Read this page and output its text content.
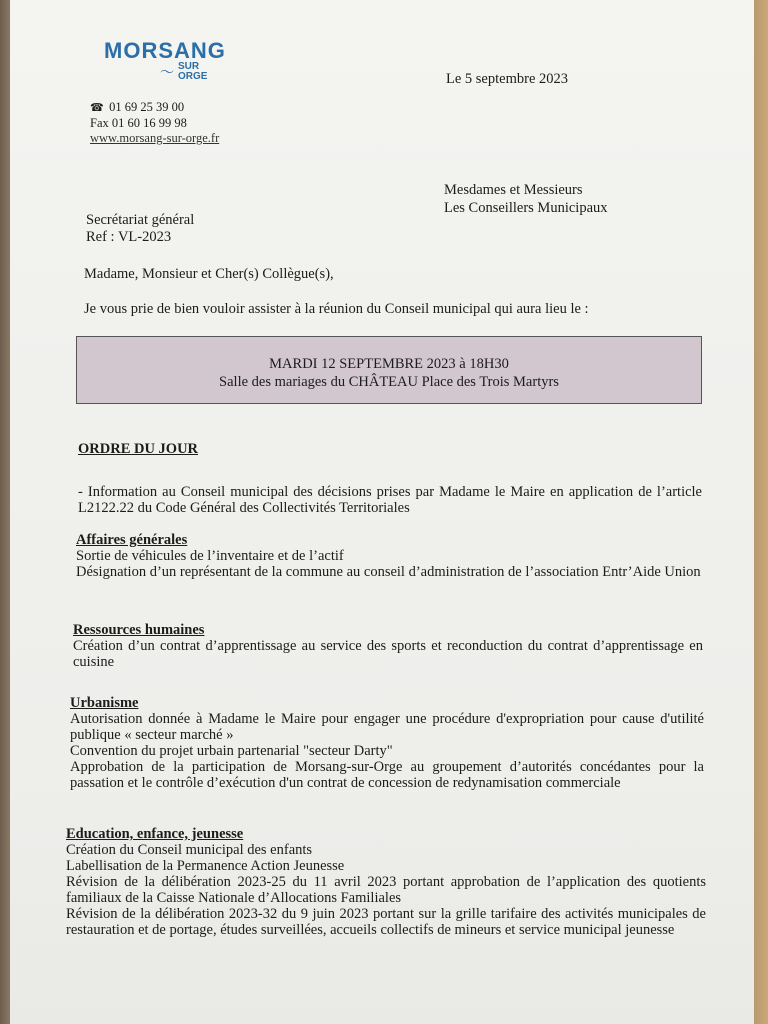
MORSANG
～ SUR
ORGE
☎ 01 69 25 39 00
Fax 01 60 16 99 98
www.morsang-sur-orge.fr
Le 5 septembre 2023
Mesdames et Messieurs
Les Conseillers Municipaux
Secrétariat général
Ref : VL-2023
Madame, Monsieur et Cher(s) Collègue(s),
Je vous prie de bien vouloir assister à la réunion du Conseil municipal qui aura lieu le :
MARDI 12 SEPTEMBRE 2023 à 18H30
Salle des mariages du CHÂTEAU Place des Trois Martyrs
ORDRE DU JOUR
- Information au Conseil municipal des décisions prises par Madame le Maire en application de l’article L2122.22 du Code Général des Collectivités Territoriales
Affaires générales
Sortie de véhicules de l’inventaire et de l’actif
Désignation d’un représentant de la commune au conseil d’administration de l’association Entr’Aide Union
Ressources humaines
Création d’un contrat d’apprentissage au service des sports et reconduction du contrat d’apprentissage en cuisine
Urbanisme
Autorisation donnée à Madame le Maire pour engager une procédure d'expropriation pour cause d'utilité publique « secteur marché »
Convention du projet urbain partenarial "secteur Darty"
Approbation de la participation de Morsang-sur-Orge au groupement d’autorités concédantes pour la passation et le contrôle d’exécution d'un contrat de concession de redynamisation commerciale
Education, enfance, jeunesse
Création du Conseil municipal des enfants
Labellisation de la Permanence Action Jeunesse
Révision de la délibération 2023-25 du 11 avril 2023 portant approbation de l’application des quotients familiaux de la Caisse Nationale d’Allocations Familiales
Révision de la délibération 2023-32 du 9 juin 2023 portant sur la grille tarifaire des activités municipales de restauration et de portage, études surveillées, accueils collectifs de mineurs et service municipal jeunesse
